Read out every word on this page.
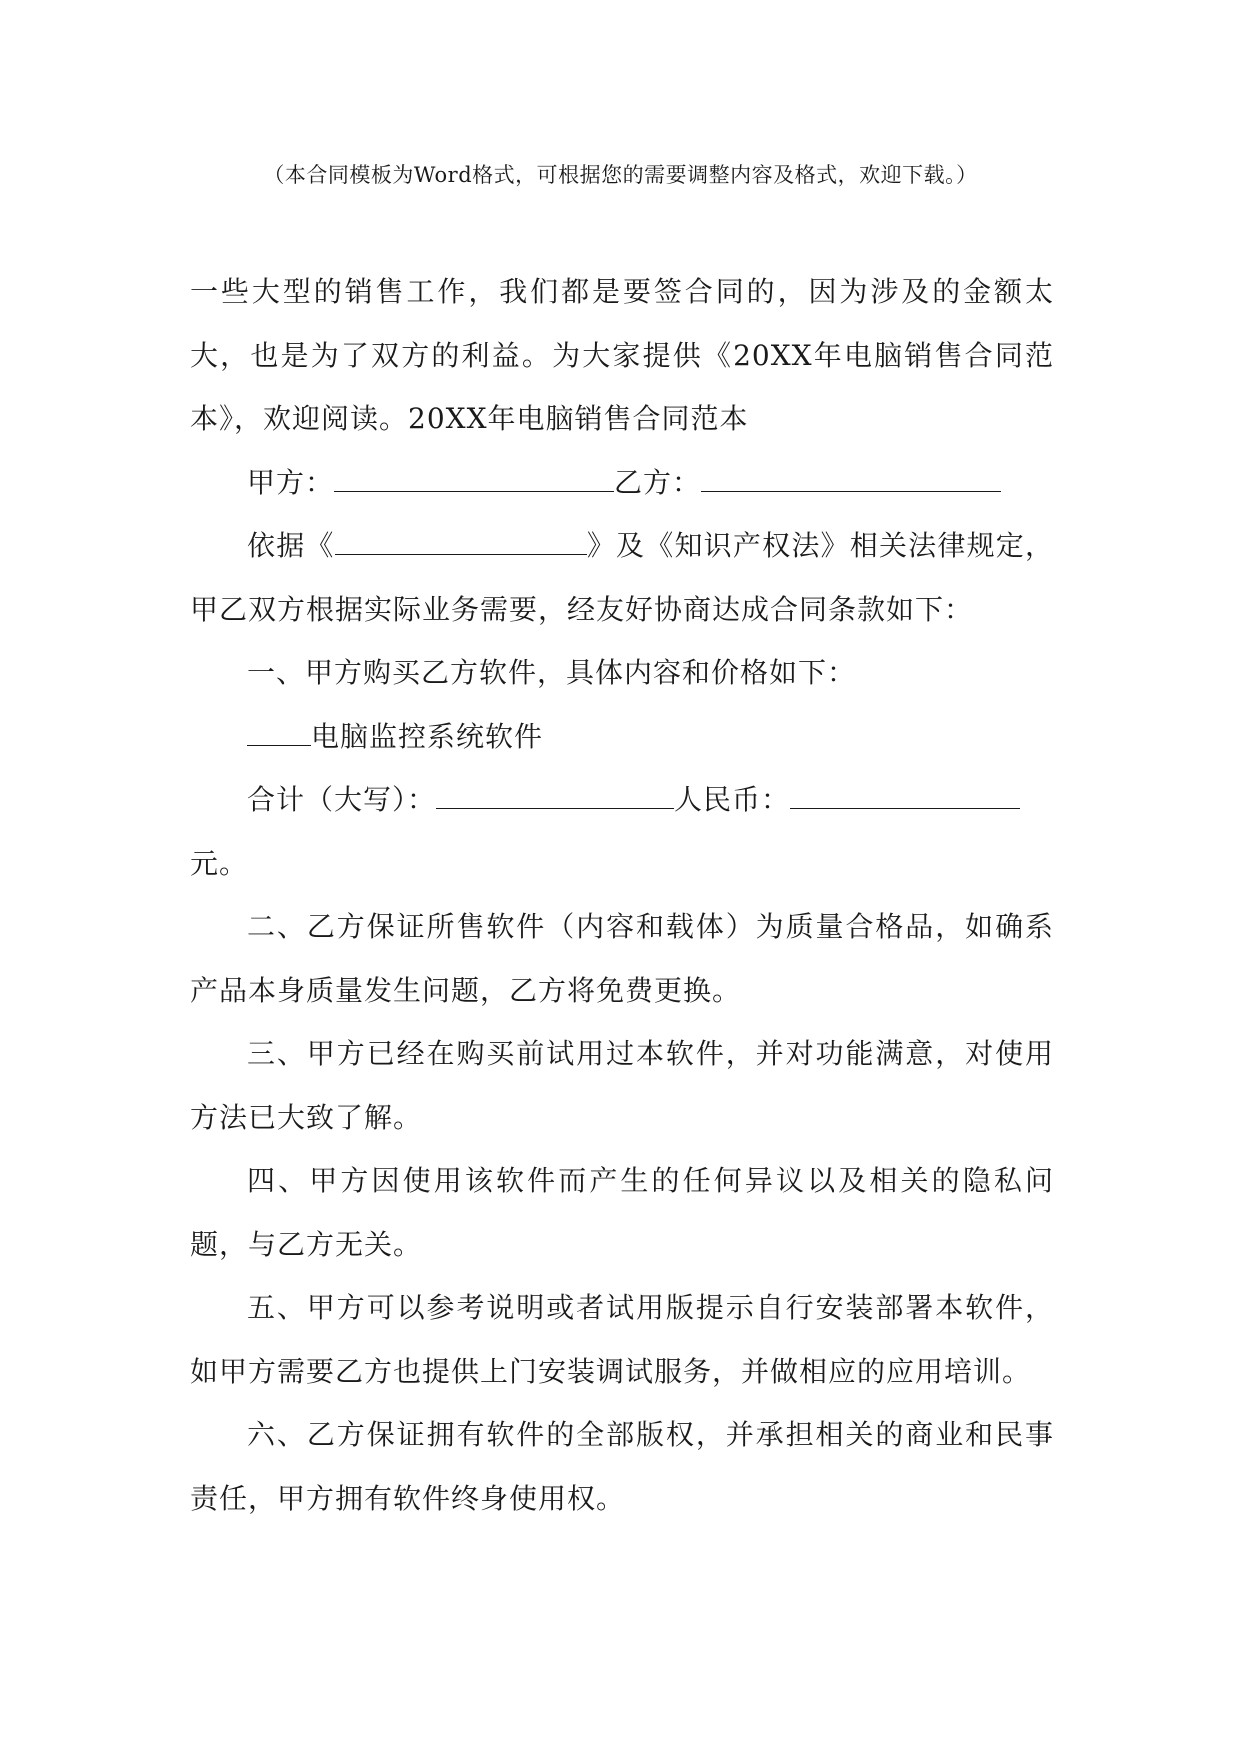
（本合同模板为Word格式，可根据您的需要调整内容及格式，欢迎下载。）

一些大型的销售工作，我们都是要签合同的，因为涉及的金额太大，也是为了双方的利益。为大家提供《20XX年电脑销售合同范本》，欢迎阅读。20XX年电脑销售合同范本

甲方：	乙方：

依据《	》及《知识产权法》相关法律规定，甲乙双方根据实际业务需要，经友好协商达成合同条款如下：

一、甲方购买乙方软件，具体内容和价格如下：

电脑监控系统软件

合计（大写）：	人民币：
元。

二、乙方保证所售软件（内容和载体）为质量合格品，如确系产品本身质量发生问题，乙方将免费更换。

三、甲方已经在购买前试用过本软件，并对功能满意，对使用方法已大致了解。

四、甲方因使用该软件而产生的任何异议以及相关的隐私问题，与乙方无关。

五、甲方可以参考说明或者试用版提示自行安装部署本软件，如甲方需要乙方也提供上门安装调试服务，并做相应的应用培训。

六、乙方保证拥有软件的全部版权，并承担相关的商业和民事责任，甲方拥有软件终身使用权。
